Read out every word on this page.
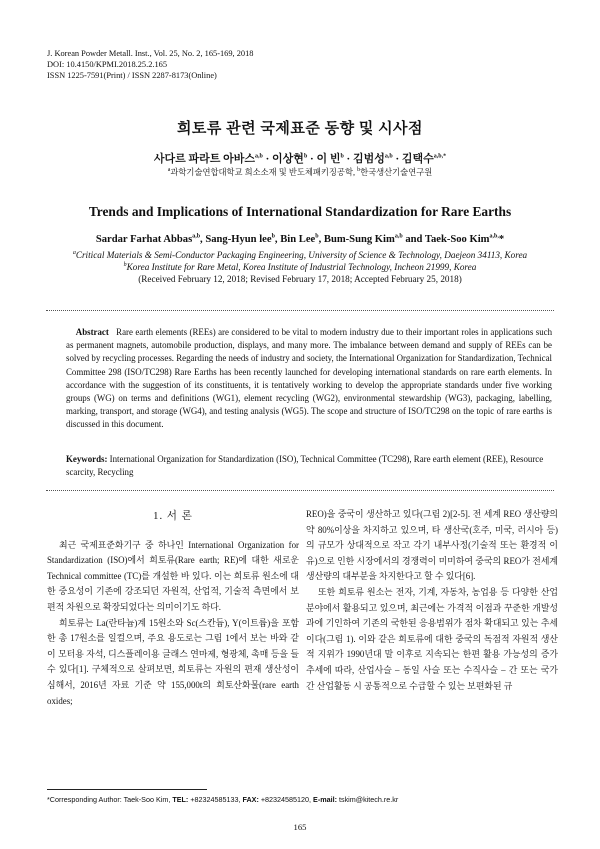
J. Korean Powder Metall. Inst., Vol. 25, No. 2, 165-169, 2018
DOI: 10.4150/KPMI.2018.25.2.165
ISSN 1225-7591(Print) / ISSN 2287-8173(Online)
희토류 관련 국제표준 동향 및 시사점
사다르 파라트 아바스$^{a,b}$ · 이상현$^b$ · 이 빈$^b$ · 김범성$^{a,b}$ · 김택수$^{a,b,*}$
$^a$과학기술연합대학교 희소소재 및 반도체패키징공학, $^b$한국생산기술연구원
Trends and Implications of International Standardization for Rare Earths
Sardar Farhat Abbas$^{a,b}$, Sang-Hyun lee$^b$, Bin Lee$^b$, Bum-Sung Kim$^{a,b}$ and Taek-Soo Kim$^{a,b,}$*
$^a$Critical Materials & Semi-Conductor Packaging Engineering, University of Science & Technology, Daejeon 34113, Korea
$^b$Korea Institute for Rare Metal, Korea Institute of Industrial Technology, Incheon 21999, Korea
(Received February 12, 2018; Revised February 17, 2018; Accepted February 25, 2018)
Abstract Rare earth elements (REEs) are considered to be vital to modern industry due to their important roles in applications such as permanent magnets, automobile production, displays, and many more. The imbalance between demand and supply of REEs can be solved by recycling processes. Regarding the needs of industry and society, the International Organization for Standardization, Technical Committee 298 (ISO/TC298) Rare Earths has been recently launched for developing international standards on rare earth elements. In accordance with the suggestion of its constituents, it is tentatively working to develop the appropriate standards under five working groups (WG) on terms and definitions (WG1), element recycling (WG2), environmental stewardship (WG3), packaging, labelling, marking, transport, and storage (WG4), and testing analysis (WG5). The scope and structure of ISO/TC298 on the topic of rare earths is discussed in this document.
Keywords: International Organization for Standardization (ISO), Technical Committee (TC298), Rare earth element (REE), Resource scarcity, Recycling
1. 서 론

최근 국제표준화기구 중 하나인 International Organization for Standardization (ISO)에서 희토류(Rare earth; RE)에 대한 새로운 Technical committee (TC)를 개설한 바 있다. 이는 희토류 원소에 대한 중요성이 기존에 강조되던 자원적, 산업적, 기술적 측면에서 보편적 차원으로 확장되었다는 의미이기도 하다.

희토류는 La(란타늄)계 15원소와 Sc(스칸듐), Y(이트륨)을 포함한 총 17원소를 일컬으며, 주요 용도로는 그림 1에서 보는 바와 같이 모터용 자석, 디스플레이용 글래스 연마제, 형광체, 촉매 등을 들 수 있다[1]. 구체적으로 살펴보면, 희토류는 자원의 편재 생산성이 심해서, 2016년 자료 기준 약 155,000t의 희토산화물(rare earth oxides;

REO)을 중국이 생산하고 있다(그림 2)[2-5]. 전 세계 REO 생산량의 약 80%이상을 차지하고 있으며, 타 생산국(호주, 미국, 러시아 등)의 규모가 상대적으로 작고 각기 내부사정(기술적 또는 환경적 이유)으로 인한 시장에서의 경쟁력이 미미하여 중국의 REO가 전세계 생산량의 대부분을 차지한다고 할 수 있다[6].

또한 희토류 원소는 전자, 기계, 자동차, 농업용 등 다양한 산업분야에서 활용되고 있으며, 최근에는 가격적 이점과 꾸준한 개발성과에 기인하여 기존의 국한된 응용범위가 점차 확대되고 있는 추세이다(그림 1). 이와 같은 희토류에 대한 중국의 독점적 자원적 생산적 지위가 1990년대 말 이후로 지속되는 한편 활용 가능성의 증가 추세에 따라, 산업사슬 – 동일 사슬 또는 수직사슬 – 간 또는 국가 간 산업활동 시 공통적으로 수급할 수 있는 보편화된 규

*Corresponding Author: Taek-Soo Kim, TEL: +82324585133, FAX: +82324585120, E-mail: tskim@kitech.re.kr
165
